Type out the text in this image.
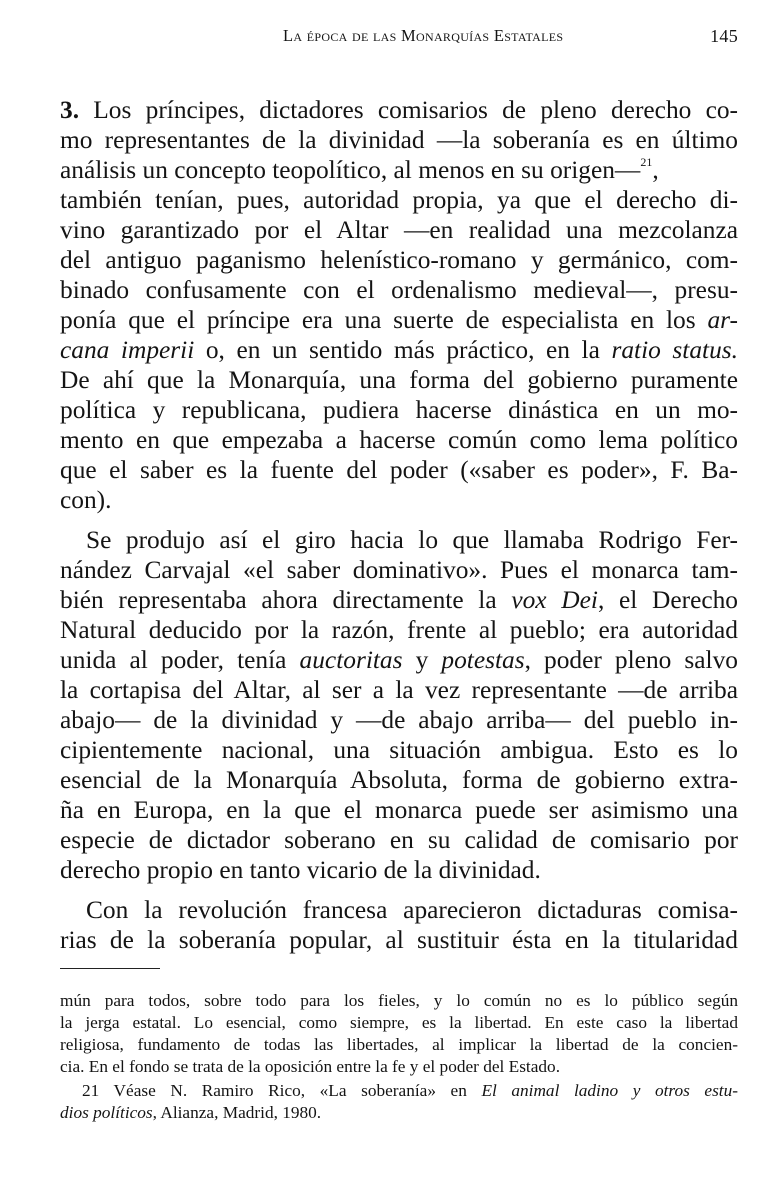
La época de las Monarquías Estatales	145
3. Los príncipes, dictadores comisarios de pleno derecho co-
mo representantes de la divinidad —la soberanía es en último
análisis un concepto teopolítico, al menos en su origen—$^{21}$,
también tenían, pues, autoridad propia, ya que el derecho di-
vino garantizado por el Altar —en realidad una mezcolanza
del antiguo paganismo helenístico-romano y germánico, com-
binado confusamente con el ordenalismo medieval—, presu-
ponía que el príncipe era una suerte de especialista en los ar-
cana imperii o, en un sentido más práctico, en la ratio status.
De ahí que la Monarquía, una forma del gobierno puramente
política y republicana, pudiera hacerse dinástica en un mo-
mento en que empezaba a hacerse común como lema político
que el saber es la fuente del poder («saber es poder», F. Ba-
con).
Se produjo así el giro hacia lo que llamaba Rodrigo Fer-
nández Carvajal «el saber dominativo». Pues el monarca tam-
bién representaba ahora directamente la vox Dei, el Derecho
Natural deducido por la razón, frente al pueblo; era autoridad
unida al poder, tenía auctoritas y potestas, poder pleno salvo
la cortapisa del Altar, al ser a la vez representante —de arriba
abajo— de la divinidad y —de abajo arriba— del pueblo in-
cipientemente nacional, una situación ambigua. Esto es lo
esencial de la Monarquía Absoluta, forma de gobierno extra-
ña en Europa, en la que el monarca puede ser asimismo una
especie de dictador soberano en su calidad de comisario por
derecho propio en tanto vicario de la divinidad.
Con la revolución francesa aparecieron dictaduras comisa-
rias de la soberanía popular, al sustituir ésta en la titularidad
mún para todos, sobre todo para los fieles, y lo común no es lo público según
la jerga estatal. Lo esencial, como siempre, es la libertad. En este caso la libertad
religiosa, fundamento de todas las libertades, al implicar la libertad de la concien-
cia. En el fondo se trata de la oposición entre la fe y el poder del Estado.
21 Véase N. Ramiro Rico, «La soberanía» en El animal ladino y otros estu-
dios políticos, Alianza, Madrid, 1980.
